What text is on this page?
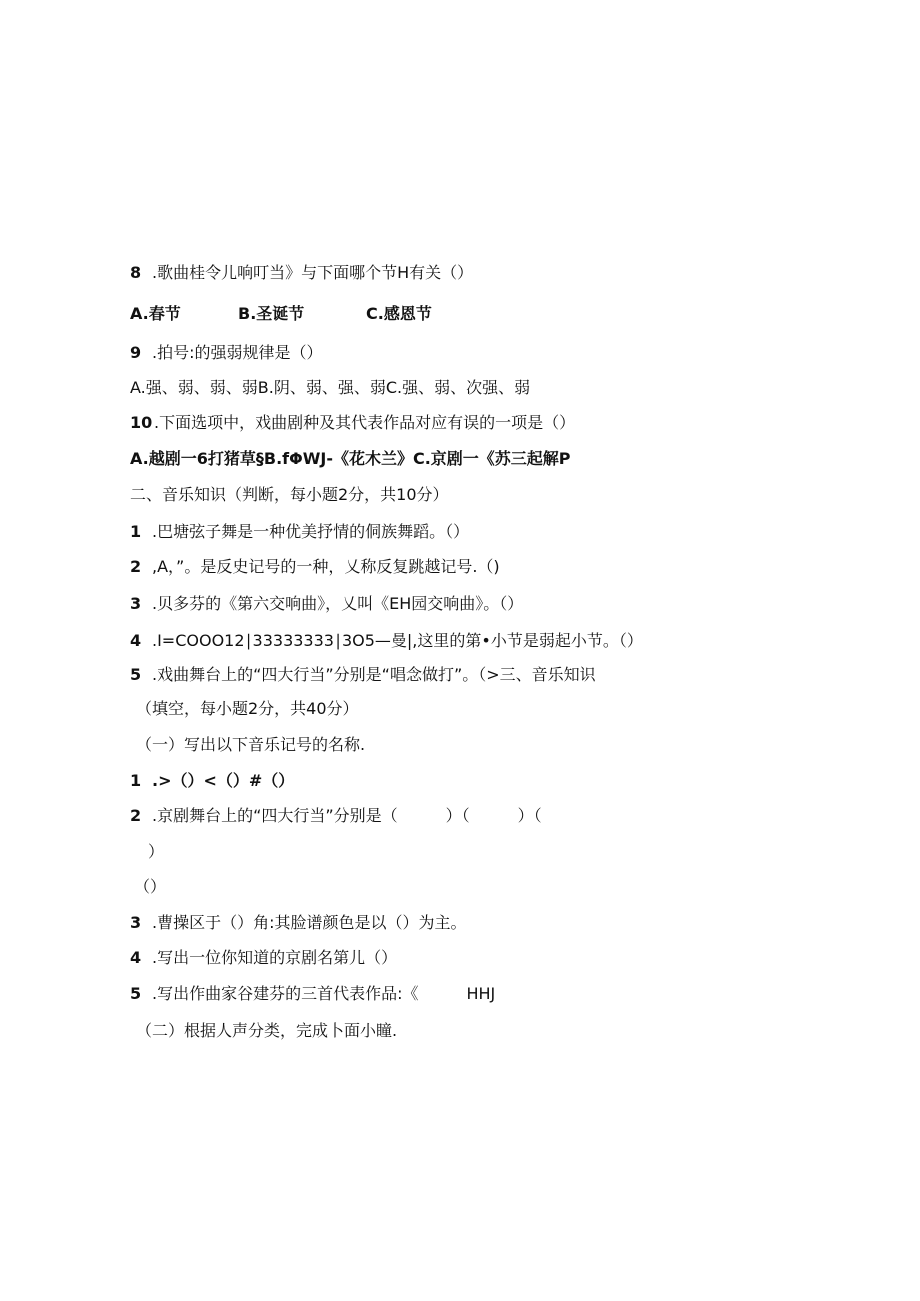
8 .歌曲桂令儿响叮当》与下面哪个节H有关（）
A.春节	B.圣诞节	C.感恩节
9 .拍号:的强弱规律是（）
A.强、弱、弱、弱B.阴、弱、强、弱C.强、弱、次强、弱
10 .下面选项中，戏曲剧种及其代表作品对应有误的一项是（）
A.越剧一6打猪草§B.fΦWJ-《花木兰》C.京剧一《苏三起解P
二、音乐知识（判断，每小题2分，共10分）
1 .巴塘弦子舞是一种优美抒情的侗族舞蹈。（）
2 ,A，”。是反史记号的一种，乂称反复跳越记号.（)
3 .贝多芬的《第六交响曲》，乂叫《EH园交响曲》。（）
4 .I=COOO12∣33333333∣3O5—曼|,这里的第•小节是弱起小节。（）
5 .戏曲舞台上的“四大行当”分别是“唱念做打”。（>三、音乐知识
（填空，每小题2分，共40分）
（一）写出以下音乐记号的名称.
1 .>（）<（）#（）
2 .京剧舞台上的“四大行当”分别是（　　　）（　　　）（
）
（）
3 .曹操区于（）角:其脸谱颜色是以（）为主。
4 .写出一位你知道的京剧名第儿（）
5 .写出作曲家谷建芬的三首代表作品:《　　　HHJ
（二）根据人声分类，完成卜面小瞳.
